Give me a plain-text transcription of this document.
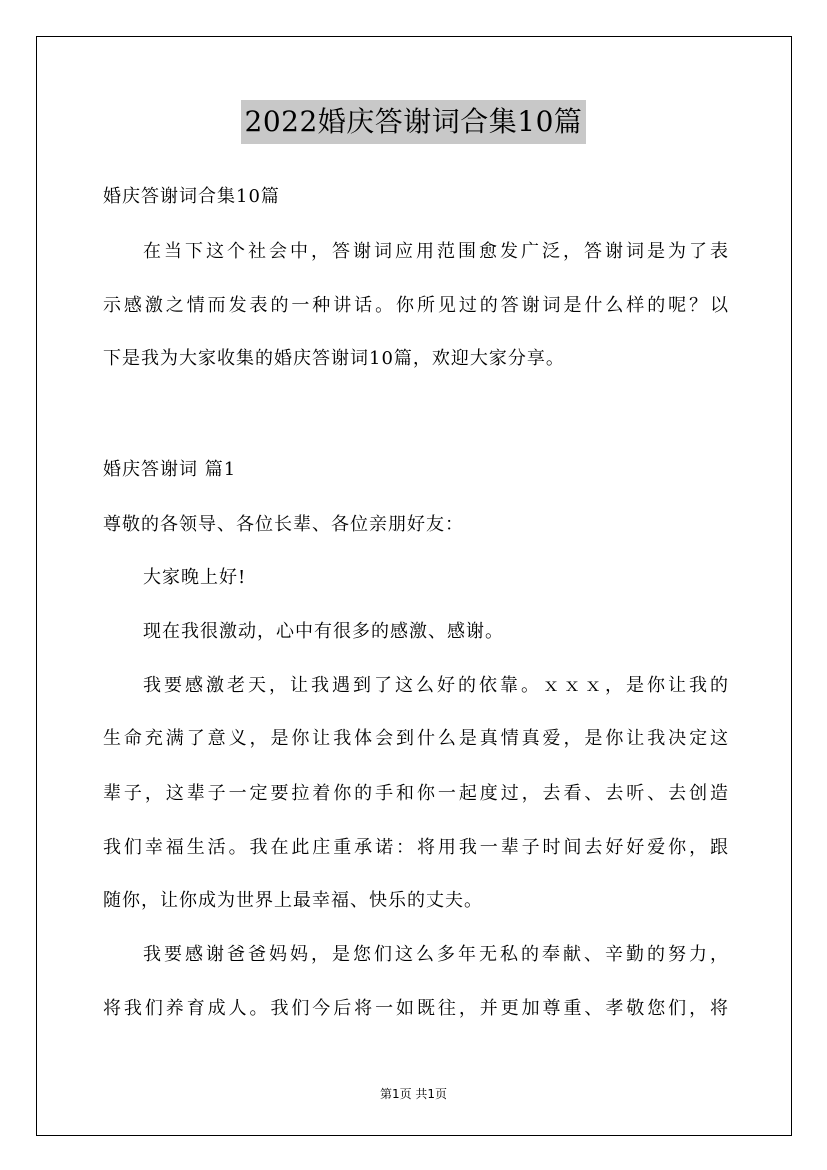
2022婚庆答谢词合集10篇
婚庆答谢词合集10篇
在当下这个社会中，答谢词应用范围愈发广泛，答谢词是为了表
示感激之情而发表的一种讲话。你所见过的答谢词是什么样的呢？以
下是我为大家收集的婚庆答谢词10篇，欢迎大家分享。
婚庆答谢词 篇1
尊敬的各领导、各位长辈、各位亲朋好友：
大家晚上好!
现在我很激动，心中有很多的感激、感谢。
我要感激老天，让我遇到了这么好的依靠。ｘｘｘ，是你让我的
生命充满了意义，是你让我体会到什么是真情真爱，是你让我决定这
辈子，这辈子一定要拉着你的手和你一起度过，去看、去听、去创造
我们幸福生活。我在此庄重承诺：将用我一辈子时间去好好爱你，跟
随你，让你成为世界上最幸福、快乐的丈夫。
我要感谢爸爸妈妈，是您们这么多年无私的奉献、辛勤的努力，
将我们养育成人。我们今后将一如既往，并更加尊重、孝敬您们，将
第1页 共1页
